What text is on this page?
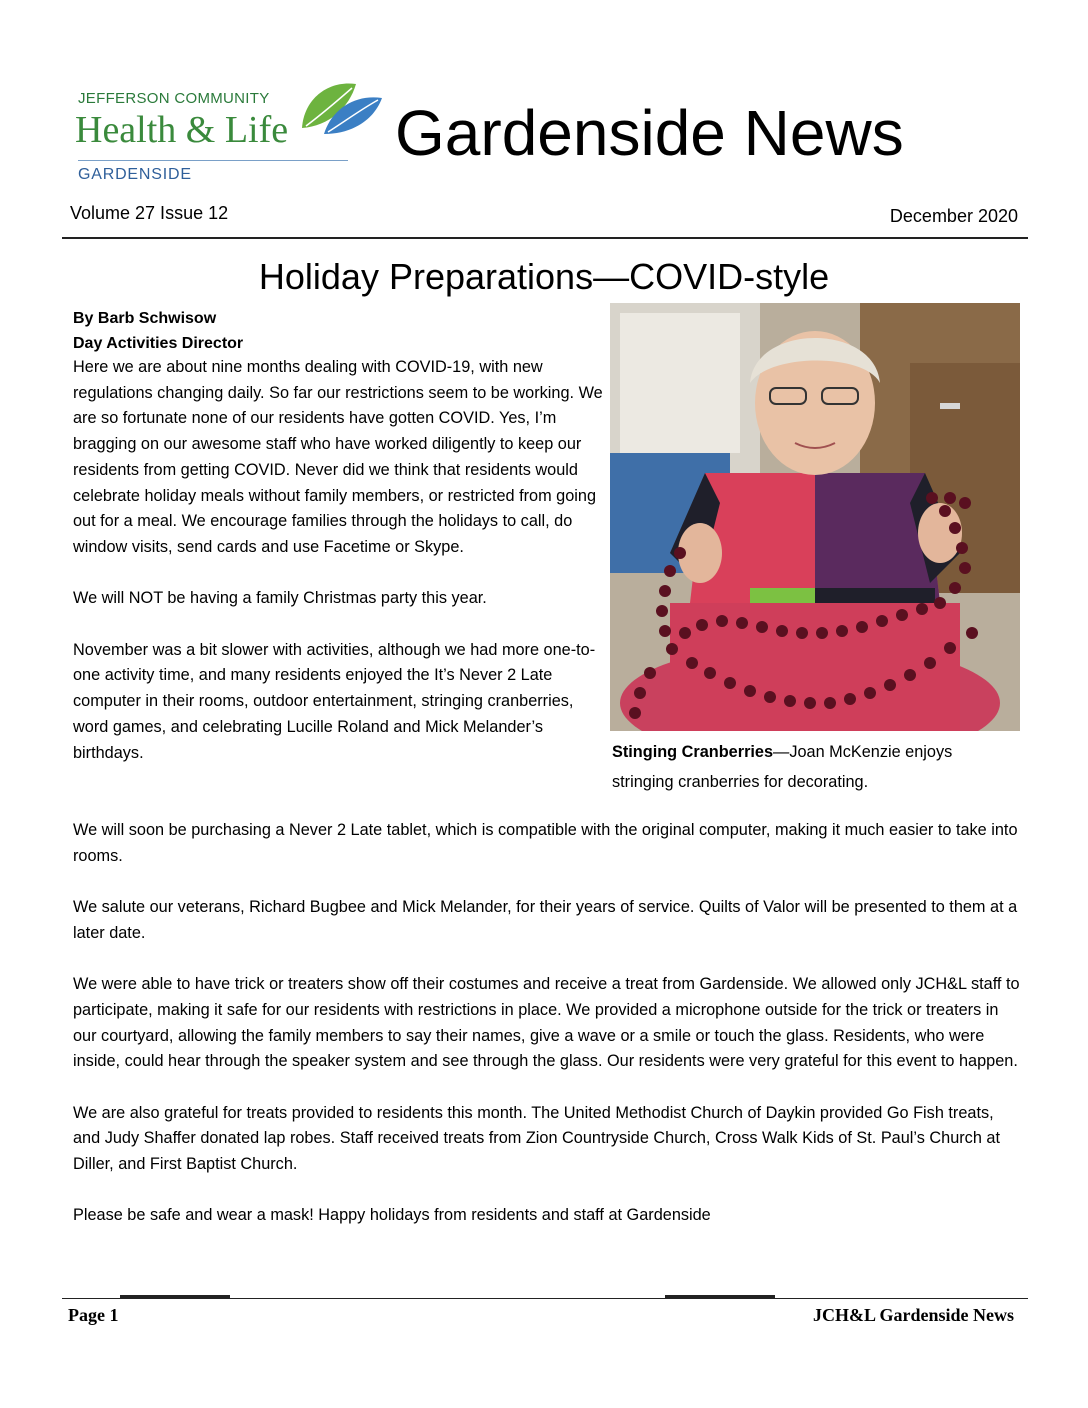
JEFFERSON COMMUNITY
Health & Life
GARDENSIDE
Gardenside News
Volume 27 Issue 12	December 2020
Holiday Preparations—COVID-style
By Barb Schwisow
Day Activities Director

Here we are about nine months dealing with COVID-19, with new regulations changing daily. So far our restrictions seem to be working. We are so fortunate none of our residents have gotten COVID. Yes, I’m bragging on our awesome staff who have worked diligently to keep our residents from getting COVID. Never did we think that residents would celebrate holiday meals without family members, or restricted from going out for a meal. We encourage families through the holidays to call, do window visits, send cards and use Facetime or Skype.

We will NOT be having a family Christmas party this year.

November was a bit slower with activities, although we had more one-to-one activity time, and many residents enjoyed the It’s Never 2 Late computer in their rooms, outdoor entertainment, stringing cranberries, word games, and celebrating Lucille Roland and Mick Melander’s birthdays.	Stinging Cranberries—Joan McKenzie enjoys stringing cranberries for decorating.

We will soon be purchasing a Never 2 Late tablet, which is compatible with the original computer, making it much easier to take into rooms.

We salute our veterans, Richard Bugbee and Mick Melander, for their years of service. Quilts of Valor will be presented to them at a later date.

We were able to have trick or treaters show off their costumes and receive a treat from Gardenside. We allowed only JCH&L staff to participate, making it safe for our residents with restrictions in place. We provided a microphone outside for the trick or treaters in our courtyard, allowing the family members to say their names, give a wave or a smile or touch the glass. Residents, who were inside, could hear through the speaker system and see through the glass. Our residents were very grateful for this event to happen.

We are also grateful for treats provided to residents this month. The United Methodist Church of Daykin provided Go Fish treats, and Judy Shaffer donated lap robes. Staff received treats from Zion Countryside Church, Cross Walk Kids of St. Paul’s Church at Diller, and First Baptist Church.

Please be safe and wear a mask! Happy holidays from residents and staff at Gardenside

Page 1	JCH&L Gardenside News
